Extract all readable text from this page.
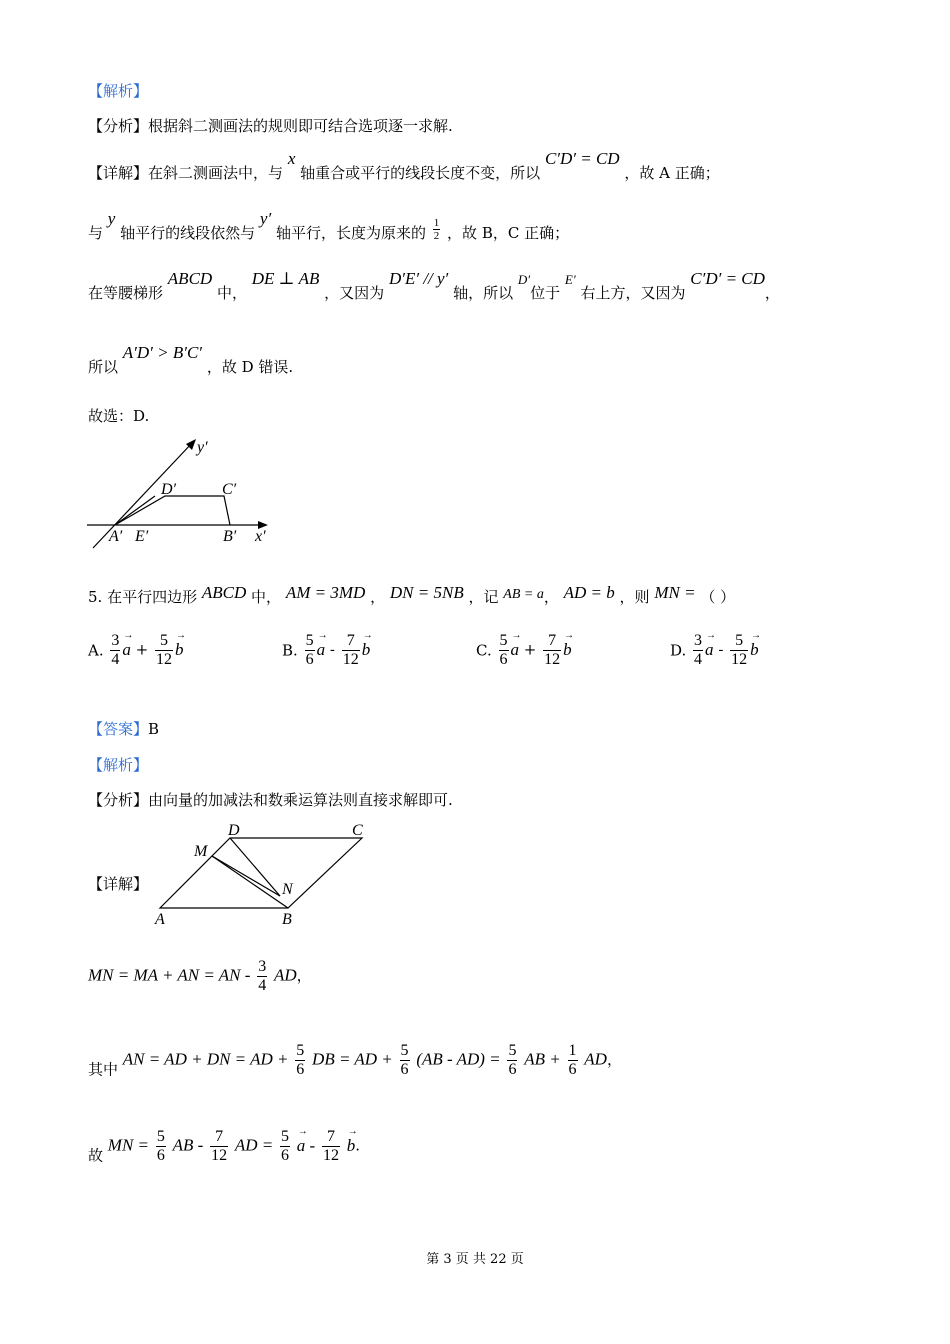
【解析】
【分析】根据斜二测画法的规则即可结合选项逐一求解.
【详解】在斜二测画法中，与 x 轴重合或平行的线段长度不变，所以 C′D′ = CD ，故 A 正确；
与 y 轴平行的线段依然与 y′ 轴平行，长度为原来的 $\frac{1}{2}$ ，故 B，C 正确；
在等腰梯形 ABCD 中， DE ⊥ AB ，又因为 D′E′ // y′ 轴，所以 D′位于 E′ 右上方，又因为 C′D′ = CD，
所以 A′D′ > B′C′ ，故 D 错误.
故选：D.
y′
D′	C′
A′ E′	B′ x′
5. 在平行四边形 ABCD 中， AM = 3MD ， DN = 5NB ，记 AB = a， AD = b ，则 MN = （ ）
A. $\frac{3}{4}$
→ $a + \frac{5}{12}$
→ b	B. $\frac{5}{6}$
→ a - $\frac{7}{12}$
→ b	C. $\frac{5}{6}$
→ $a + \frac{7}{12}$
→ b	D. $\frac{3}{4}$
→ a - $\frac{5}{12}$
→ b
【答案】B
【解析】
【分析】由向量的加减法和数乘运算法则直接求解即可.
【详解】
D	C
M
N
A	B
MN = MA + AN = AN - $\frac{3}{4}$ AD，
其中 AN = AD + DN = AD + $\frac{5}{6}$ DB = AD + $\frac{5}{6} (AB - AD) = \frac{5}{6}$ AB + $\frac{1}{6}$ AD，
故 MN = $\frac{5}{6}$ AB - $\frac{7}{12}$ AD = $\frac{5}{6}$
→ a - $\frac{7}{12}$
→ b.
第 3 页 共 22 页
